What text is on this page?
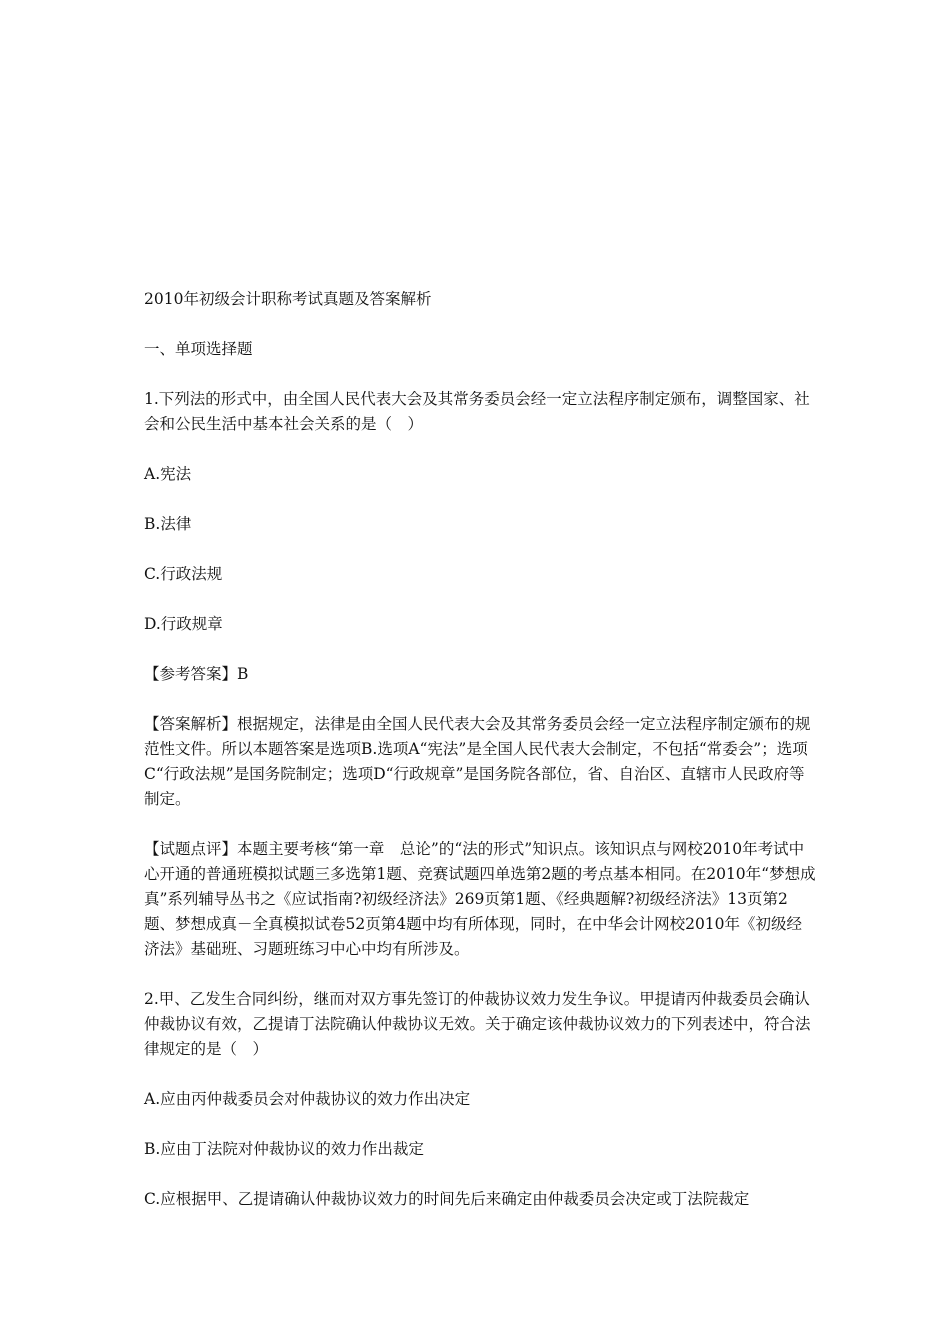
2010年初级会计职称考试真题及答案解析

一、单项选择题

1.下列法的形式中，由全国人民代表大会及其常务委员会经一定立法程序制定颁布，调整国家、社会和公民生活中基本社会关系的是（　）

A.宪法

B.法律

C.行政法规

D.行政规章

【参考答案】B

【答案解析】根据规定，法律是由全国人民代表大会及其常务委员会经一定立法程序制定颁布的规范性文件。所以本题答案是选项B.选项A“宪法”是全国人民代表大会制定，不包括“常委会”；选项C“行政法规”是国务院制定；选项D“行政规章”是国务院各部位，省、自治区、直辖市人民政府等制定。

【试题点评】本题主要考核“第一章　总论”的“法的形式”知识点。该知识点与网校2010年考试中心开通的普通班模拟试题三多选第1题、竞赛试题四单选第2题的考点基本相同。在2010年“梦想成真”系列辅导丛书之《应试指南?初级经济法》269页第1题、《经典题解?初级经济法》13页第2题、梦想成真－全真模拟试卷52页第4题中均有所体现，同时，在中华会计网校2010年《初级经济法》基础班、习题班练习中心中均有所涉及。

2.甲、乙发生合同纠纷，继而对双方事先签订的仲裁协议效力发生争议。甲提请丙仲裁委员会确认仲裁协议有效，乙提请丁法院确认仲裁协议无效。关于确定该仲裁协议效力的下列表述中，符合法律规定的是（　）

A.应由丙仲裁委员会对仲裁协议的效力作出决定

B.应由丁法院对仲裁协议的效力作出裁定

C.应根据甲、乙提请确认仲裁协议效力的时间先后来确定由仲裁委员会决定或丁法院裁定
